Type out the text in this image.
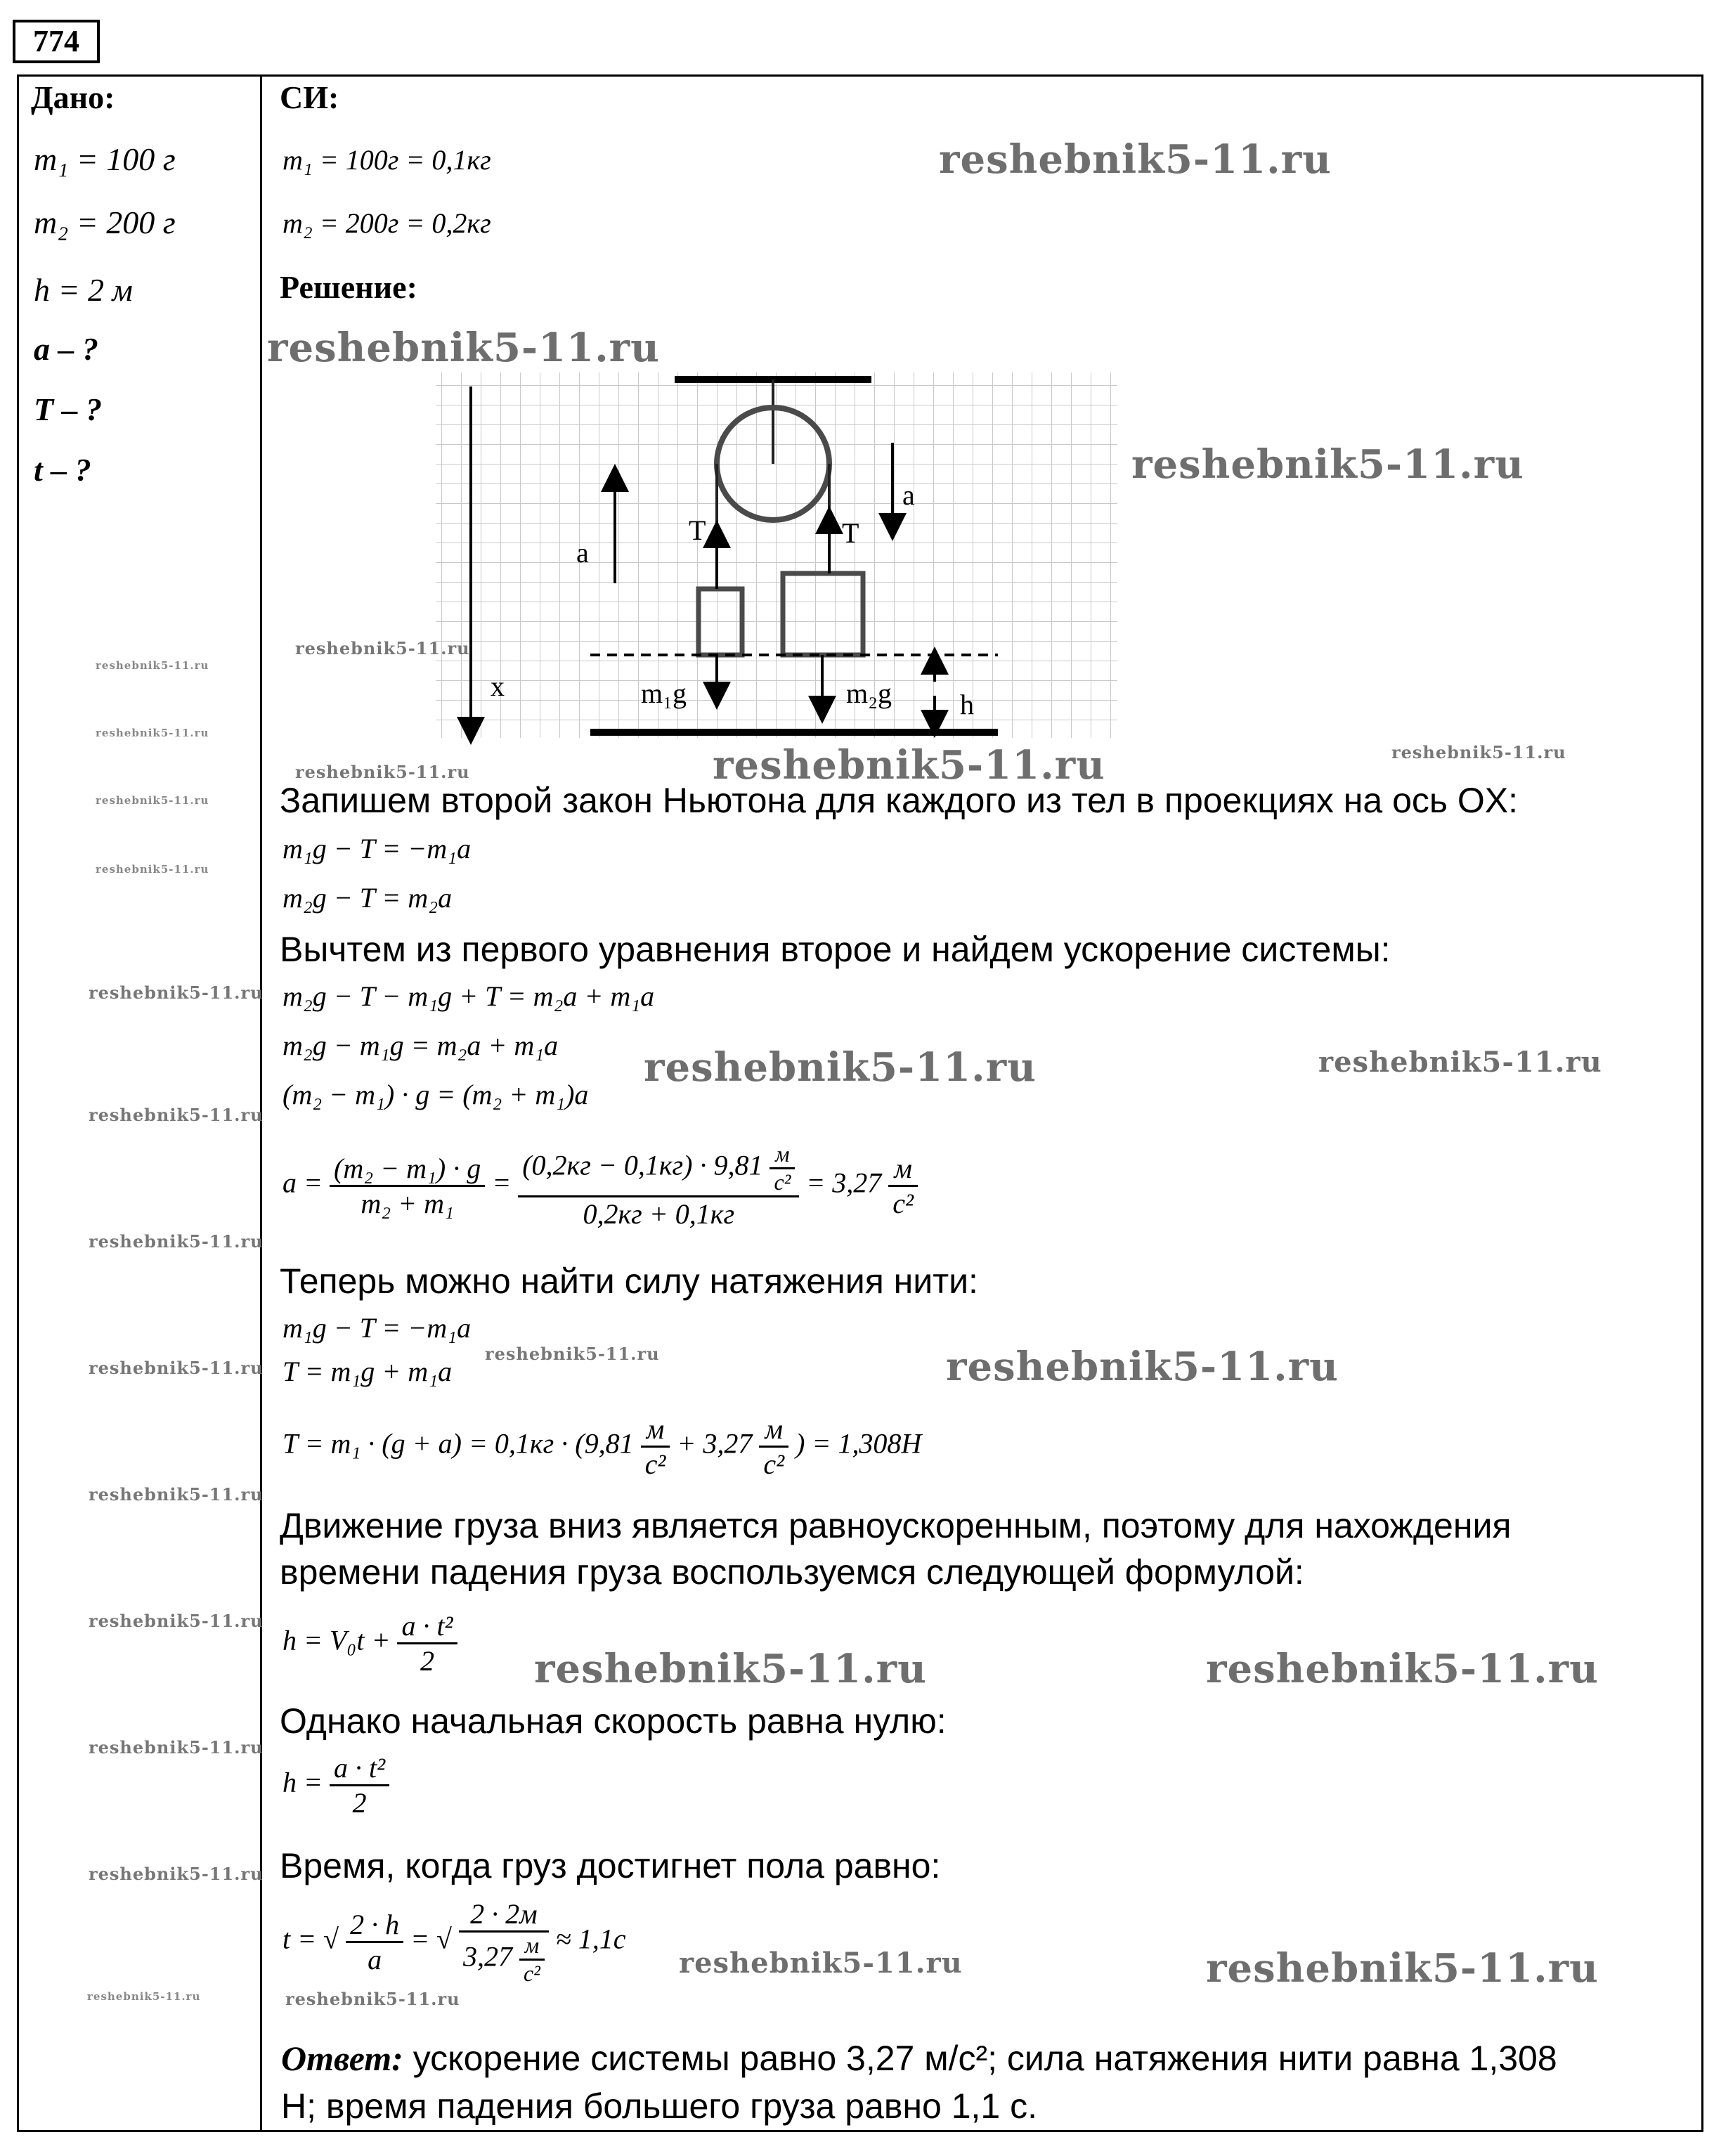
774
Дано:
m₁ = 100 г
m₂ = 200 г
h = 2 м
a – ?
T – ?
t – ?
reshebnik5-11.ru
reshebnik5-11.ru
reshebnik5-11.ru
reshebnik5-11.ru
reshebnik5-11.ru
reshebnik5-11.ru
reshebnik5-11.ru
reshebnik5-11.ru
reshebnik5-11.ru
reshebnik5-11.ru
reshebnik5-11.ru
reshebnik5-11.ru
reshebnik5-11.ru
СИ:
m₁ = 100г = 0,1кг
m₂ = 200г = 0,2кг
reshebnik5-11.ru
Решение:
reshebnik5-11.ru
reshebnik5-11.ru
a
a
T	T
m₁g	m₂g h
x
reshebnik5-11.ru
reshebnik5-11.ru	reshebnik5-11.ru	reshebnik5-11.ru
Запишем второй закон Ньютона для каждого из тел в проекциях на ось OX:
m₁g − T = −m₁a
m₂g − T = m₂a
Вычтем из первого уравнения второе и найдем ускорение системы:
m₂g − T − m₁g + T = m₂a + m₁a
m₂g − m₁g = m₂a + m₁a
(m₂ − m₁) · g = (m₂ + m₁)a
reshebnik5-11.ru	reshebnik5-11.ru
$a = \frac{\text{(m₂ − m₁) · g}}{\text{m₂ + m₁}} = \frac{(0,2кг - 0,1кг) \cdot 9,81 \frac{м}{\text{с²}}}{0,2кг + 0,1кг} = 3,27 \frac{м}{\text{с²}}$
Теперь можно найти силу натяжения нити:
m₁g − T = −m₁a
T = m₁g + m₁a
reshebnik5-11.ru	reshebnik5-11.ru
$T = m_1 \cdot (g + a) = 0,1кг \cdot (9,81 \frac{м}{\text{с²}} + 3,27 \frac{м}{\text{с²}}$ ) = 1,308H
Движение груза вниз является равноускоренным, поэтому для нахождения
времени падения груза воспользуемся следующей формулой:
$h = V_0t + \frac{\text{a · t²}}{2}$ reshebnik5-11.ru	reshebnik5-11.ru
Однако начальная скорость равна нулю:
$h = \frac{\text{a · t²}}{2}$
Время, когда груз достигнет пола равно:
t = √ $\frac{2 \cdot h}{a}$ = √ $\frac{2 \cdot 2м}{3,27 \frac{м}{\text{с²}}} \approx 1,1с$
reshebnik5-11.ru
reshebnik5-11.ru
reshebnik5-11.ru
Ответ: ускорение системы равно 3,27 м/с²; сила натяжения нити равна 1,308
Н; время падения большего груза равно 1,1 с.
